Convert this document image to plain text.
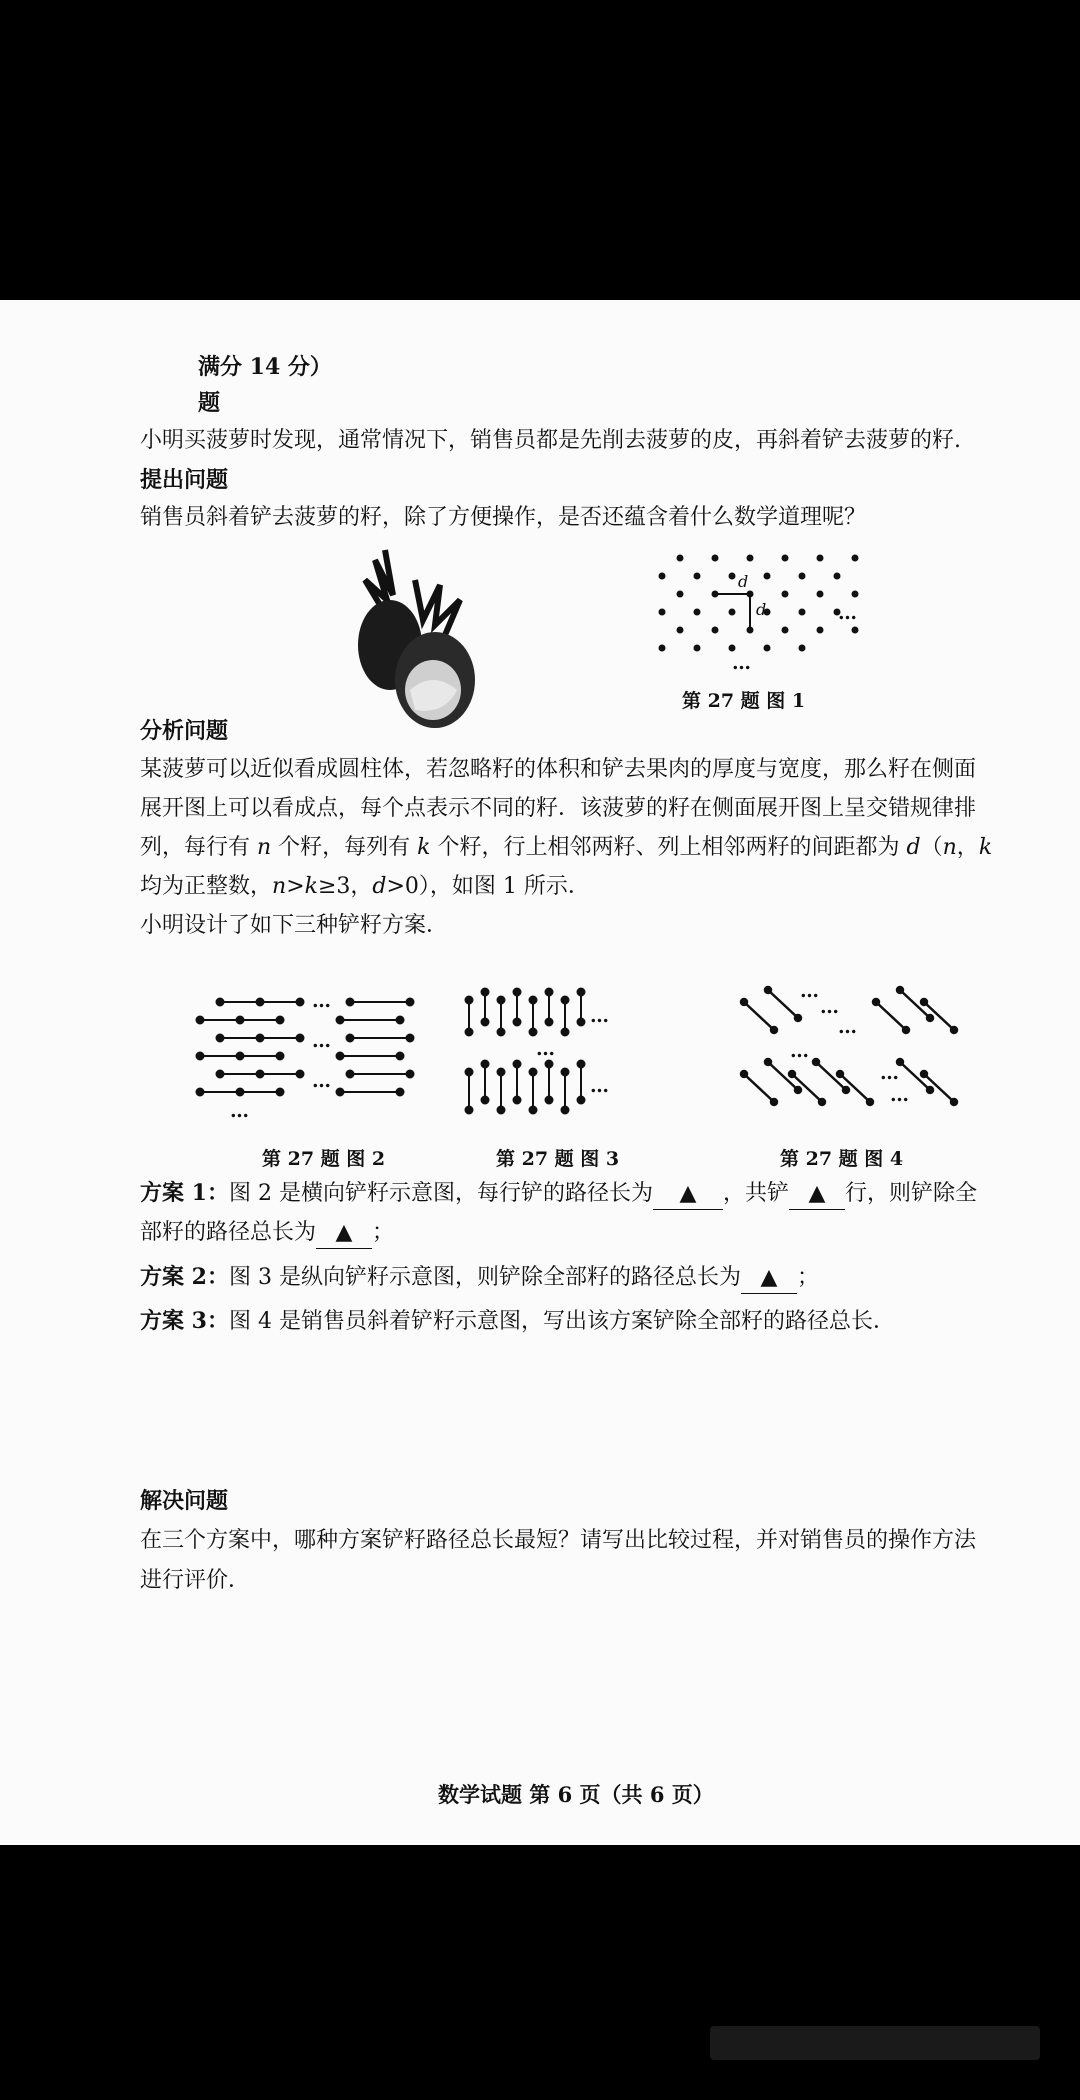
满分 14 分）
题
小明买菠萝时发现，通常情况下，销售员都是先削去菠萝的皮，再斜着铲去菠萝的籽.
提出问题
销售员斜着铲去菠萝的籽，除了方便操作，是否还蕴含着什么数学道理呢？
d
d	…
…
第 27 题 图 1
分析问题
某菠萝可以近似看成圆柱体，若忽略籽的体积和铲去果肉的厚度与宽度，那么籽在侧面
展开图上可以看成点，每个点表示不同的籽．该菠萝的籽在侧面展开图上呈交错规律排
列，每行有 n 个籽，每列有 k 个籽，行上相邻两籽、列上相邻两籽的间距都为 d（n，k
均为正整数，n>k≥3，d>0），如图 1 所示．
小明设计了如下三种铲籽方案．
…
…
…
…
第 27 题 图 2
…
…
…
第 27 题 图 3
…
…
…
…
…
…
第 27 题 图 4
方案 1：图 2 是横向铲籽示意图，每行铲的路径长为 ▲ ，共铲 ▲ 行，则铲除全
部籽的路径总长为 ▲ ；
方案 2：图 3 是纵向铲籽示意图，则铲除全部籽的路径总长为 ▲ ；
方案 3：图 4 是销售员斜着铲籽示意图，写出该方案铲除全部籽的路径总长．
解决问题
在三个方案中，哪种方案铲籽路径总长最短？请写出比较过程，并对销售员的操作方法
进行评价．
数学试题 第 6 页（共 6 页）
